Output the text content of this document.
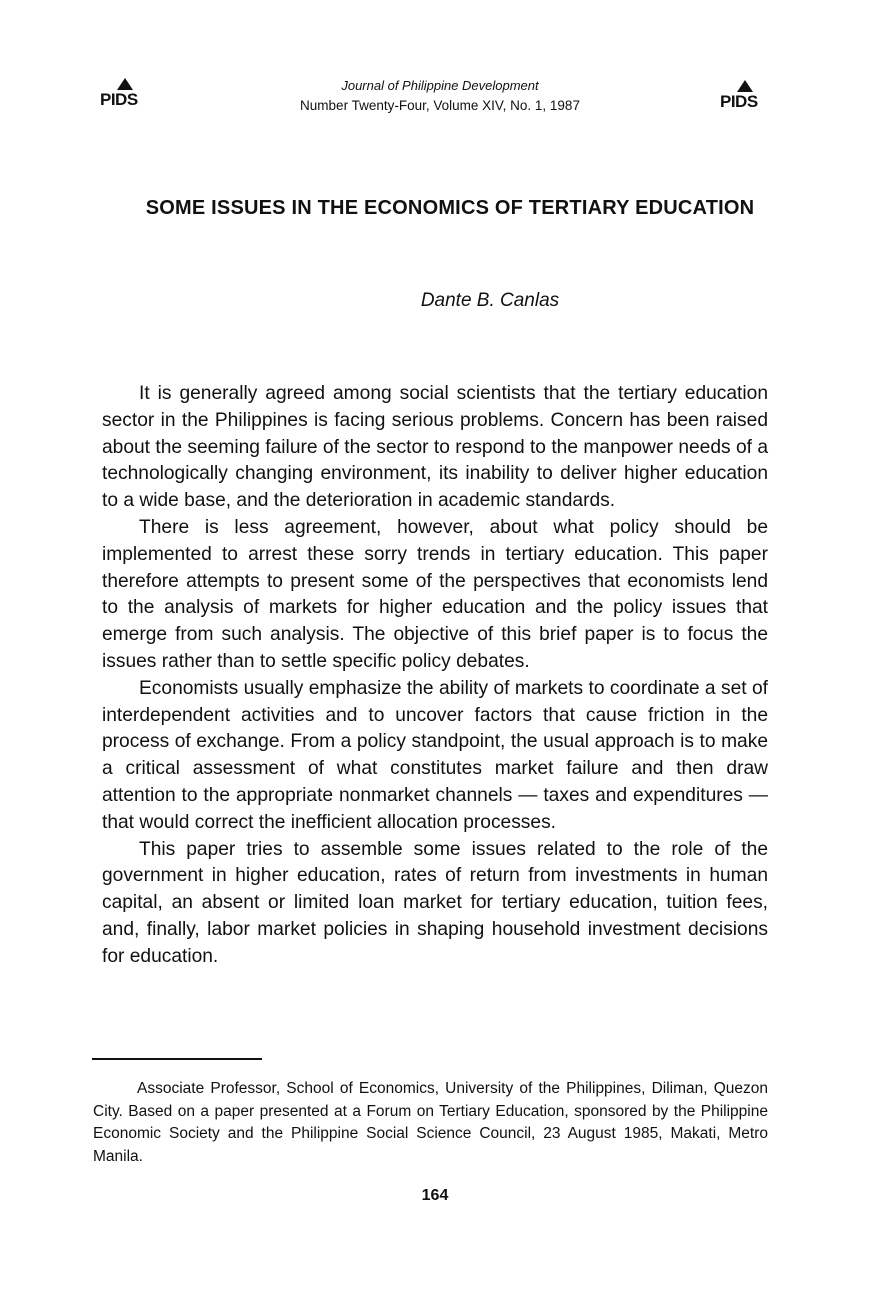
PIDS
Journal of Philippine Development
Number Twenty-Four, Volume XIV, No. 1, 1987	PIDS
SOME ISSUES IN THE ECONOMICS OF TERTIARY EDUCATION
Dante B. Canlas

It is generally agreed among social scientists that the tertiary education sector in the Philippines is facing serious problems. Concern has been raised about the seeming failure of the sector to respond to the manpower needs of a technologically changing environment, its inability to deliver higher education to a wide base, and the deterioration in academic standards.

There is less agreement, however, about what policy should be implemented to arrest these sorry trends in tertiary education. This paper therefore attempts to present some of the perspectives that economists lend to the analysis of markets for higher education and the policy issues that emerge from such analysis. The objective of this brief paper is to focus the issues rather than to settle specific policy debates.

Economists usually emphasize the ability of markets to coordinate a set of interdependent activities and to uncover factors that cause friction in the process of exchange. From a policy standpoint, the usual approach is to make a critical assessment of what constitutes market failure and then draw attention to the appropriate nonmarket channels — taxes and expenditures — that would correct the inefficient allocation processes.

This paper tries to assemble some issues related to the role of the government in higher education, rates of return from investments in human capital, an absent or limited loan market for tertiary education, tuition fees, and, finally, labor market policies in shaping household investment decisions for education.

Associate Professor, School of Economics, University of the Philippines, Diliman, Quezon City. Based on a paper presented at a Forum on Tertiary Education, sponsored by the Philippine Economic Society and the Philippine Social Science Council, 23 August 1985, Makati, Metro Manila.
164
